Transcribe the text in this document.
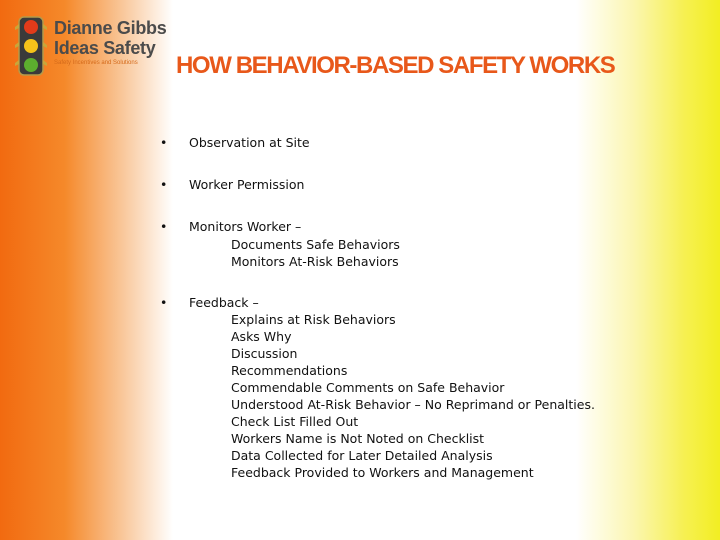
Dianne Gibbs
Ideas Safety
Safety Incentives and Solutions	HOW BEHAVIOR-BASED SAFETY WORKS
• Observation at Site
• Worker Permission
• Monitors Worker –
Documents Safe Behaviors
Monitors At-Risk Behaviors
• Feedback –
Explains at Risk Behaviors
Asks Why
Discussion
Recommendations
Commendable Comments on Safe Behavior
Understood At-Risk Behavior – No Reprimand or Penalties.
Check List Filled Out
Workers Name is Not Noted on Checklist
Data Collected for Later Detailed Analysis
Feedback Provided to Workers and Management
